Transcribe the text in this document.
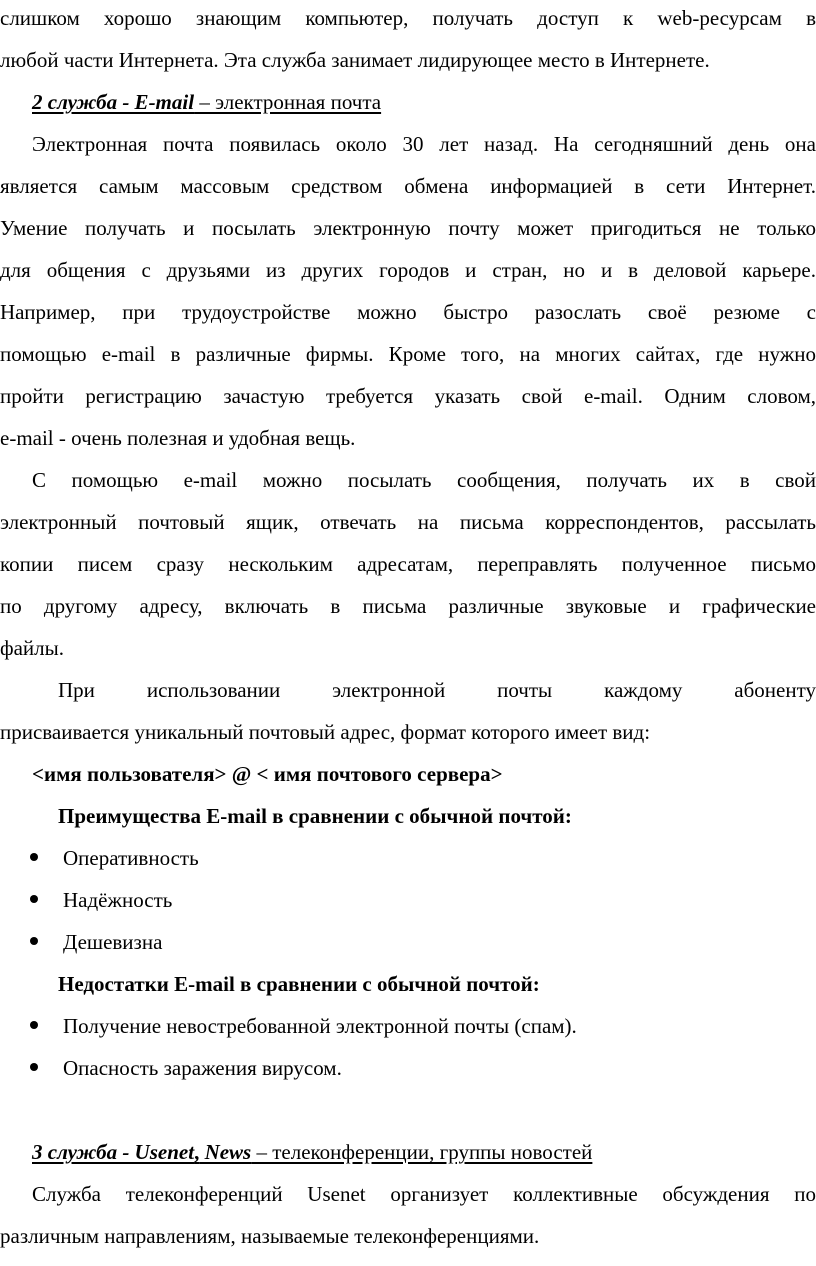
слишком хорошо знающим компьютер, получать доступ к web-ресурсам в
любой части Интернета. Эта служба занимает лидирующее место в Интернете.
2 служба - E-mail – электронная почта
Электронная почта появилась около 30 лет назад. На сегодняшний день она
является самым массовым средством обмена информацией в сети Интернет.
Умение получать и посылать электронную почту может пригодиться не только
для общения с друзьями из других городов и стран, но и в деловой карьере.
Например, при трудоустройстве можно быстро разослать своё резюме с
помощью e-mail в различные фирмы. Кроме того, на многих сайтах, где нужно
пройти регистрацию зачастую требуется указать свой e-mail. Одним словом,
e-mail - очень полезная и удобная вещь.
С помощью e-mail можно посылать сообщения, получать их в свой
электронный почтовый ящик, отвечать на письма корреспондентов, рассылать
копии писем сразу нескольким адресатам, переправлять полученное письмо
по другому адресу, включать в письма различные звуковые и графические
файлы.
При использовании электронной почты каждому абоненту
присваивается уникальный почтовый адрес, формат которого имеет вид:
<имя пользователя> @ < имя почтового сервера>
Преимущества E-mail в сравнении с обычной почтой:
Оперативность
Надёжность
Дешевизна
Недостатки E-mail в сравнении с обычной почтой:
Получение невостребованной электронной почты (спам).
Опасность заражения вирусом.
3 служба - Usenet, News – телеконференции, группы новостей
Служба телеконференций Usenet организует коллективные обсуждения по
различным направлениям, называемые телеконференциями.
